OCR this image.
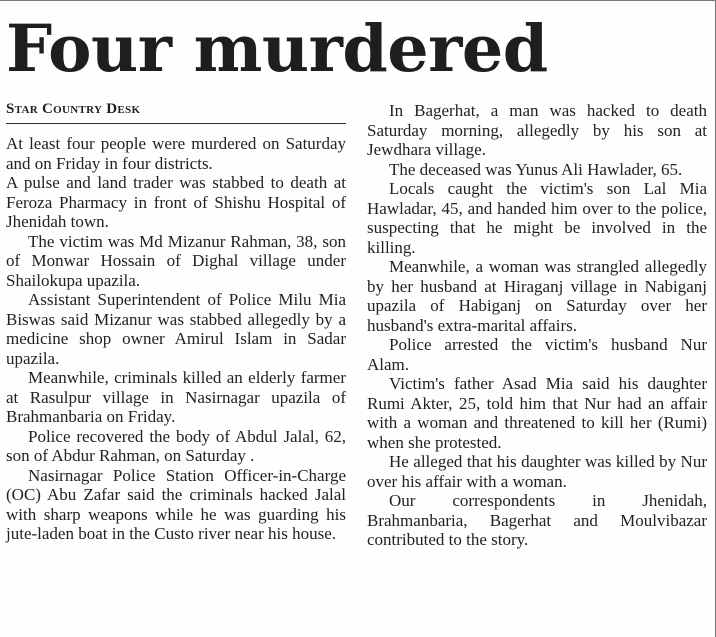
Four murdered
Star Country Desk

At least four people were murdered on Saturday and on Friday in four districts.

A pulse and land trader was stabbed to death at Feroza Pharmacy in front of Shishu Hospital of Jhenidah town.

The victim was Md Mizanur Rahman, 38, son of Monwar Hossain of Dighal village under Shailokupa upazila.

Assistant Superintendent of Police Milu Mia Biswas said Mizanur was stabbed allegedly by a medicine shop owner Amirul Islam in Sadar upazila.

Meanwhile, criminals killed an elderly farmer at Rasulpur village in Nasirnagar upazila of Brahmanbaria on Friday.

Police recovered the body of Abdul Jalal, 62, son of Abdur Rahman, on Saturday .

Nasirnagar Police Station Officer-in-Charge (OC) Abu Zafar said the criminals hacked Jalal with sharp weapons while he was guarding his jute-laden boat in the Custo river near his house.

In Bagerhat, a man was hacked to death Saturday morning, allegedly by his son at Jewdhara village.

The deceased was Yunus Ali Hawlader, 65.

Locals caught the victim's son Lal Mia Hawladar, 45, and handed him over to the police, suspecting that he might be involved in the killing.

Meanwhile, a woman was strangled allegedly by her husband at Hiraganj village in Nabiganj upazila of Habiganj on Saturday over her husband's extra-marital affairs.

Police arrested the victim's husband Nur Alam.

Victim's father Asad Mia said his daughter Rumi Akter, 25, told him that Nur had an affair with a woman and threatened to kill her (Rumi) when she protested.

He alleged that his daughter was killed by Nur over his affair with a woman.

Our correspondents in Jhenidah, Brahmanbaria, Bagerhat and Moulvibazar contributed to the story.
